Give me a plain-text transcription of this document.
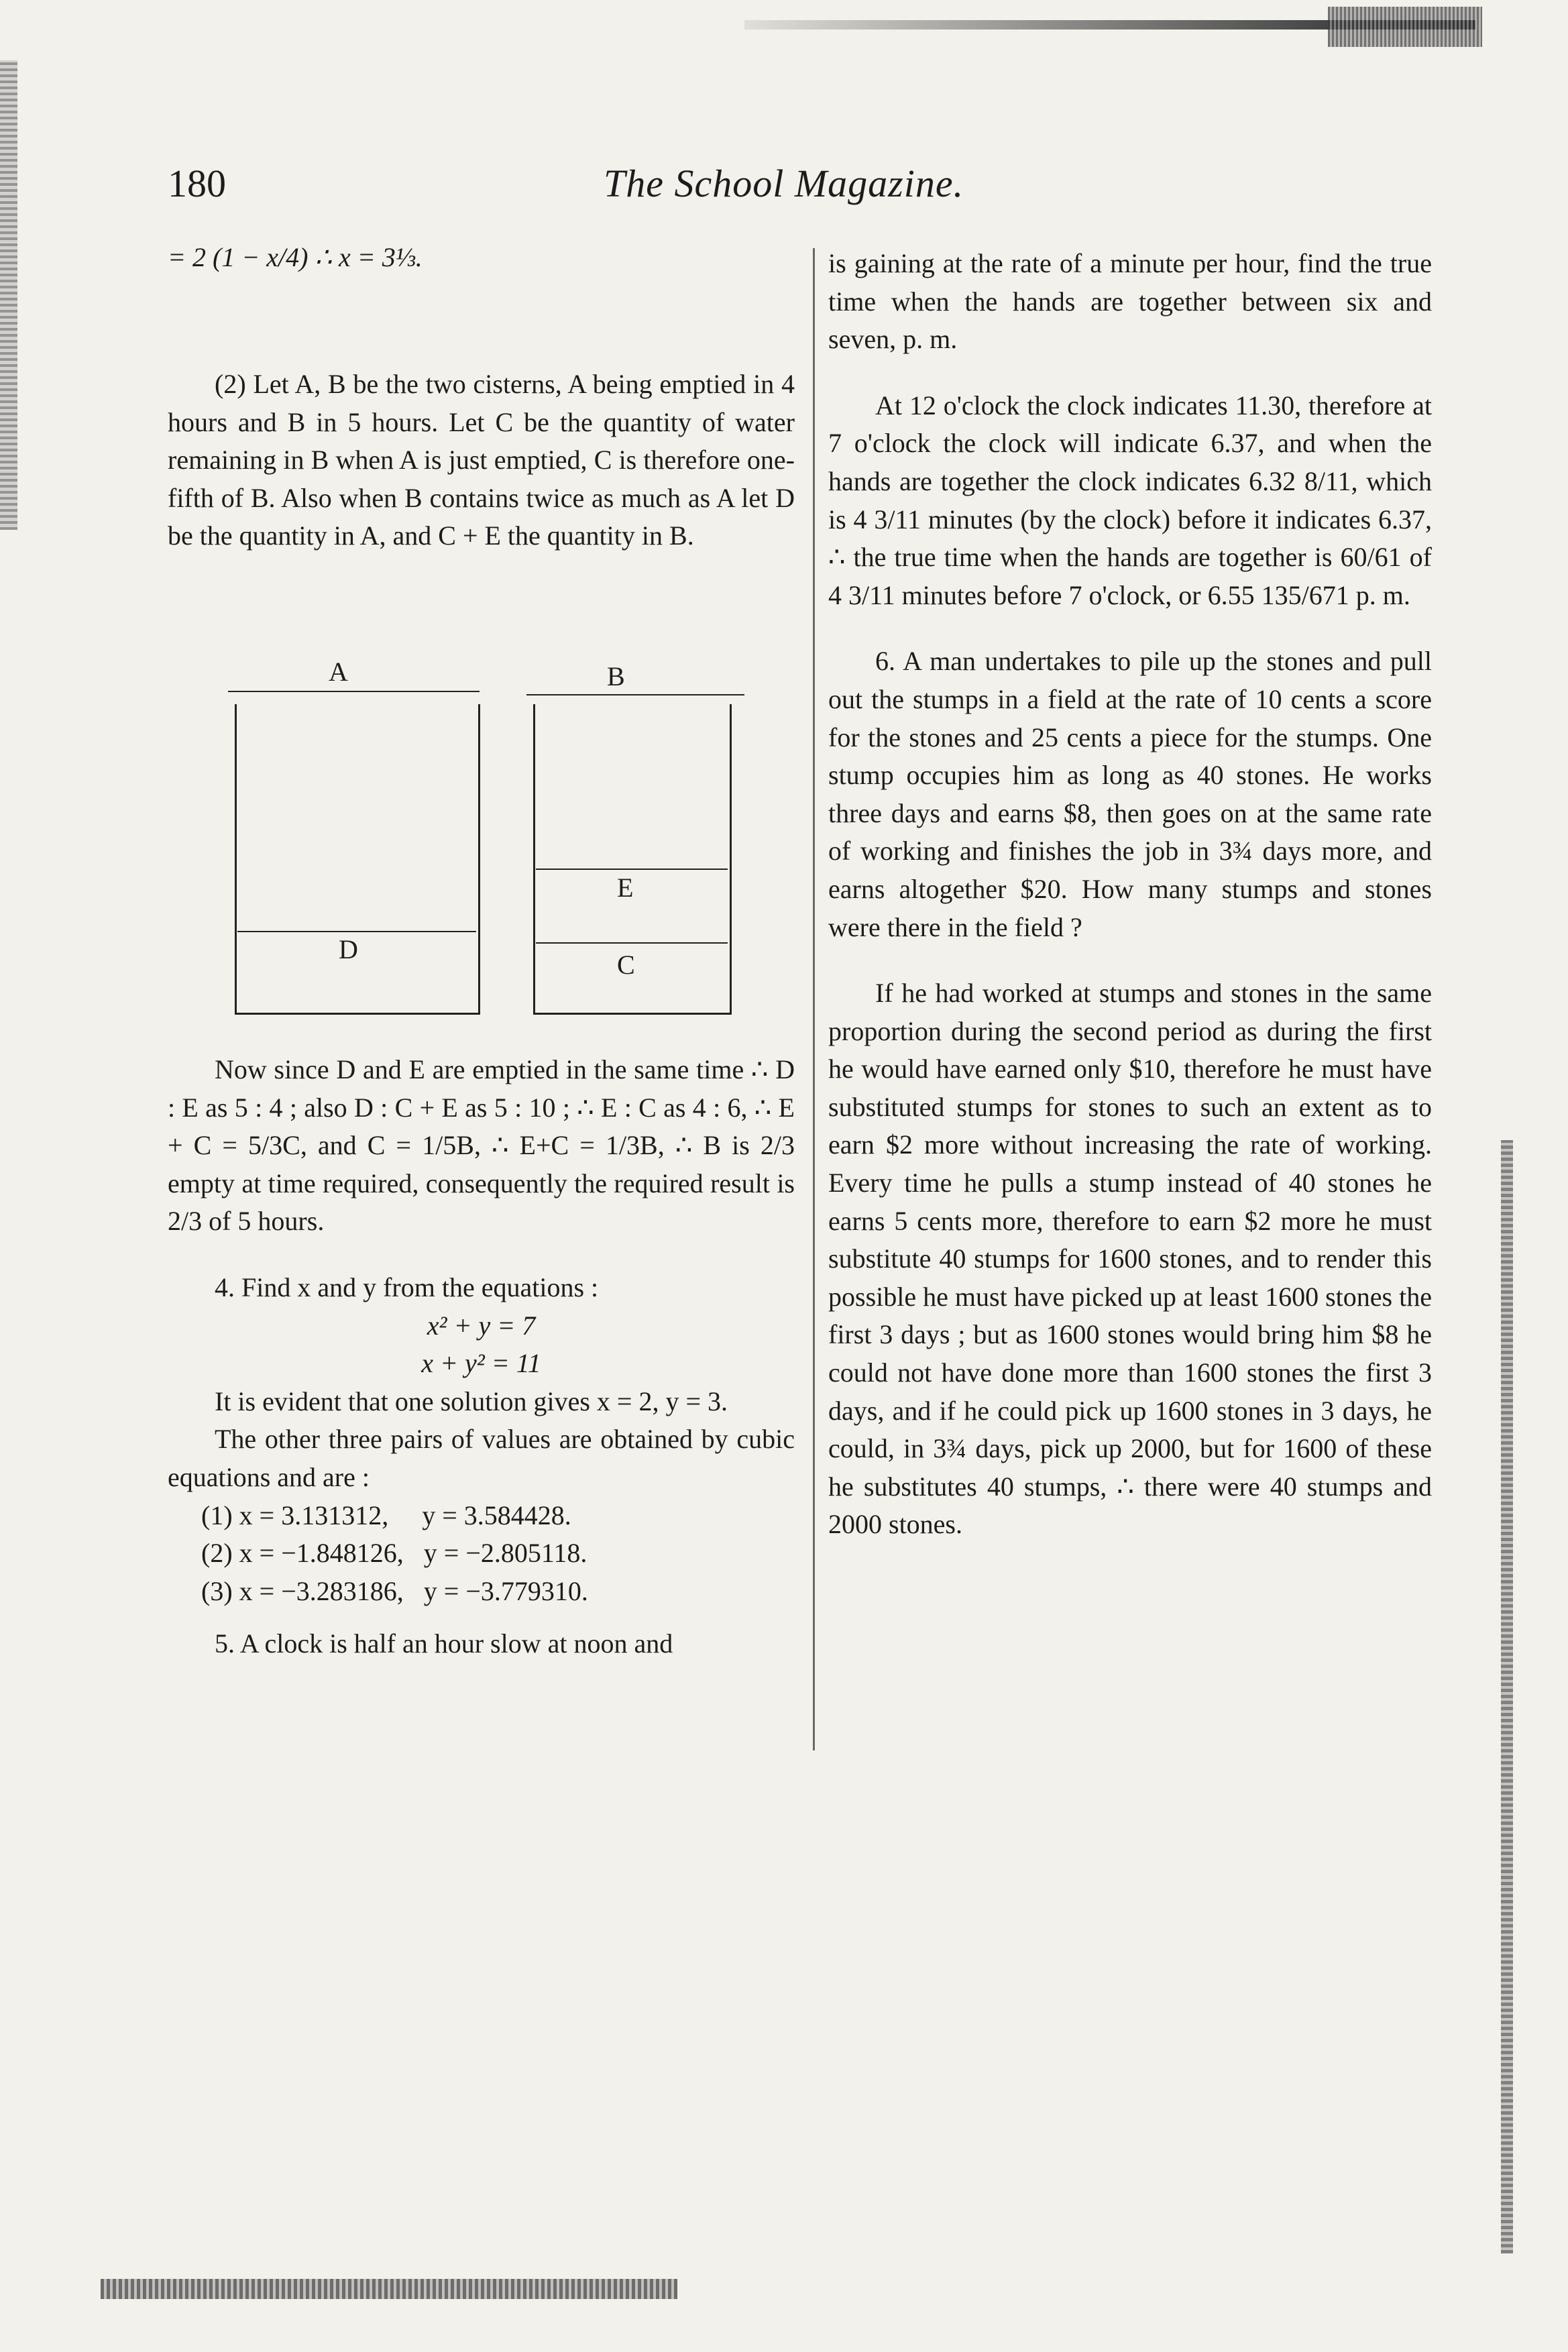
180	The School Magazine.
= 2 (1 − x/4) ∴ x = 3⅓.

(2) Let A, B be the two cisterns, A being emptied in 4 hours and B in 5 hours. Let C be the quantity of water remaining in B when A is just emptied, C is therefore one-fifth of B. Also when B contains twice as much as A let D be the quantity in A, and C + E the quantity in B.

A	B
D
E
C

Now since D and E are emptied in the same time ∴ D : E as 5 : 4 ; also D : C + E as 5 : 10 ; ∴ E : C as 4 : 6, ∴ E + C = 5/3C, and C = 1/5B, ∴ E+C = 1/3B, ∴ B is 2/3 empty at time required, consequently the required result is 2/3 of 5 hours.

4. Find x and y from the equations :

x² + y = 7

x + y² = 11

It is evident that one solution gives x = 2, y = 3.

The other three pairs of values are obtained by cubic equations and are :

(1) x = 3.131312,     y = 3.584428.

(2) x = −1.848126,   y = −2.805118.

(3) x = −3.283186,   y = −3.779310.

5. A clock is half an hour slow at noon and

is gaining at the rate of a minute per hour, find the true time when the hands are together between six and seven, p. m.

At 12 o'clock the clock indicates 11.30, therefore at 7 o'clock the clock will indicate 6.37, and when the hands are together the clock indicates 6.32 8/11, which is 4 3/11 minutes (by the clock) before it indicates 6.37, ∴ the true time when the hands are together is 60/61 of 4 3/11 minutes before 7 o'clock, or 6.55 135/671 p. m.

6. A man undertakes to pile up the stones and pull out the stumps in a field at the rate of 10 cents a score for the stones and 25 cents a piece for the stumps. One stump occupies him as long as 40 stones. He works three days and earns $8, then goes on at the same rate of working and finishes the job in 3¾ days more, and earns altogether $20. How many stumps and stones were there in the field ?

If he had worked at stumps and stones in the same proportion during the second period as during the first he would have earned only $10, therefore he must have substituted stumps for stones to such an extent as to earn $2 more without increasing the rate of working. Every time he pulls a stump instead of 40 stones he earns 5 cents more, therefore to earn $2 more he must substitute 40 stumps for 1600 stones, and to render this possible he must have picked up at least 1600 stones the first 3 days ; but as 1600 stones would bring him $8 he could not have done more than 1600 stones the first 3 days, and if he could pick up 1600 stones in 3 days, he could, in 3¾ days, pick up 2000, but for 1600 of these he substitutes 40 stumps, ∴ there were 40 stumps and 2000 stones.
